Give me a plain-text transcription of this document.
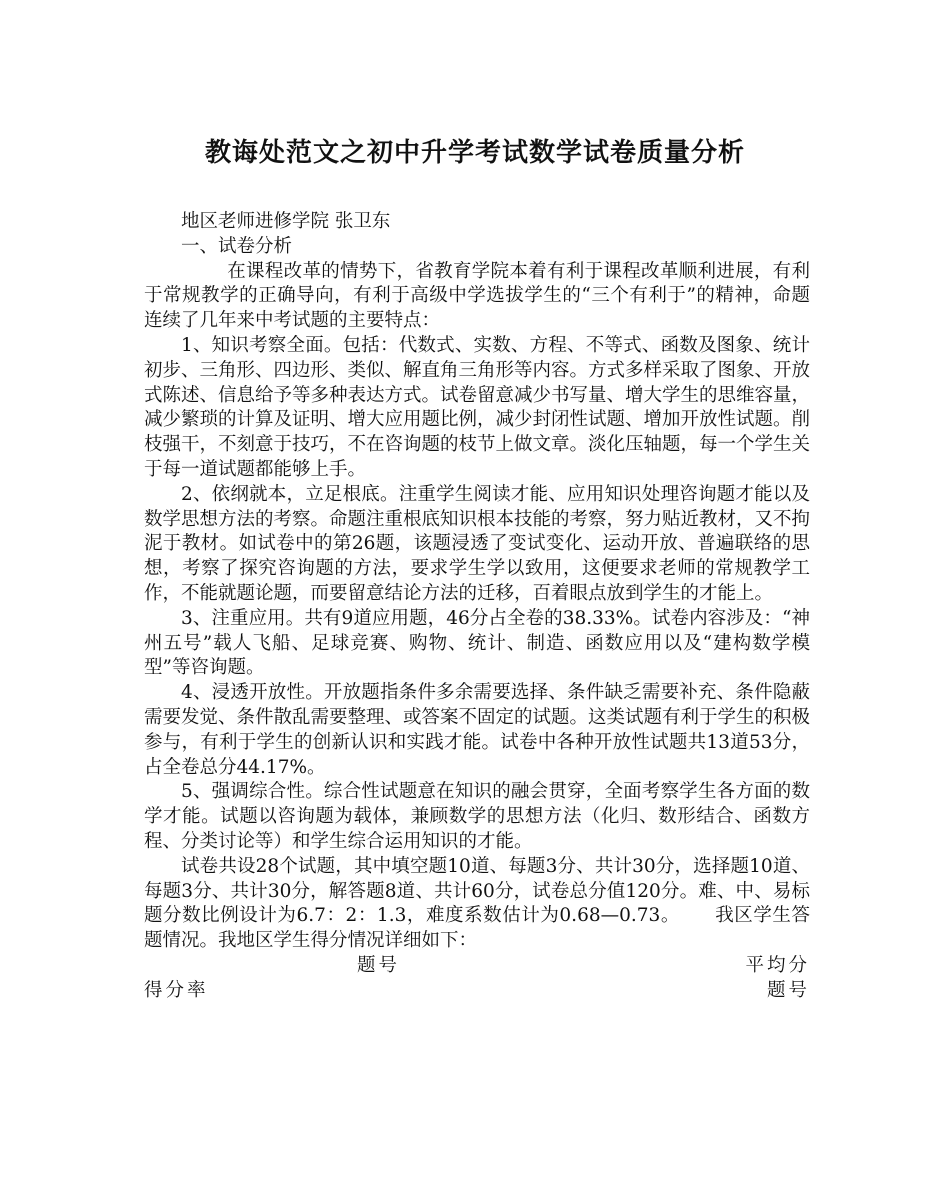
教诲处范文之初中升学考试数学试卷质量分析

地区老师进修学院 张卫东

一、试卷分析

在课程改革的情势下，省教育学院本着有利于课程改革顺利进展，有利于常规教学的正确导向，有利于高级中学选拔学生的“三个有利于”的精神，命题连续了几年来中考试题的主要特点：

1、知识考察全面。包括：代数式、实数、方程、不等式、函数及图象、统计初步、三角形、四边形、类似、解直角三角形等内容。方式多样采取了图象、开放式陈述、信息给予等多种表达方式。试卷留意减少书写量、增大学生的思维容量，减少繁琐的计算及证明、增大应用题比例，减少封闭性试题、增加开放性试题。削枝强干，不刻意于技巧，不在咨询题的枝节上做文章。淡化压轴题，每一个学生关于每一道试题都能够上手。

2、依纲就本，立足根底。注重学生阅读才能、应用知识处理咨询题才能以及数学思想方法的考察。命题注重根底知识根本技能的考察，努力贴近教材，又不拘泥于教材。如试卷中的第26题，该题浸透了变试变化、运动开放、普遍联络的思想，考察了探究咨询题的方法，要求学生学以致用，这便要求老师的常规教学工作，不能就题论题，而要留意结论方法的迁移，百着眼点放到学生的才能上。

3、注重应用。共有9道应用题，46分占全卷的38.33%。试卷内容涉及：“神州五号”载人飞船、足球竞赛、购物、统计、制造、函数应用以及“建构数学模型”等咨询题。

4、浸透开放性。开放题指条件多余需要选择、条件缺乏需要补充、条件隐蔽需要发觉、条件散乱需要整理、或答案不固定的试题。这类试题有利于学生的积极参与，有利于学生的创新认识和实践才能。试卷中各种开放性试题共13道53分，占全卷总分44.17%。

5、强调综合性。综合性试题意在知识的融会贯穿，全面考察学生各方面的数学才能。试题以咨询题为载体，兼顾数学的思想方法（化归、数形结合、函数方程、分类讨论等）和学生综合运用知识的才能。

试卷共设28个试题，其中填空题10道、每题3分、共计30分，选择题10道、每题3分、共计30分，解答题8道、共计60分，试卷总分值120分。难、中、易标题分数比例设计为6.7：2：1.3，难度系数估计为0.68—0.73。　　 我区学生答题情况。我地区学生得分情况详细如下：

题号	平均分
得分率	题号
